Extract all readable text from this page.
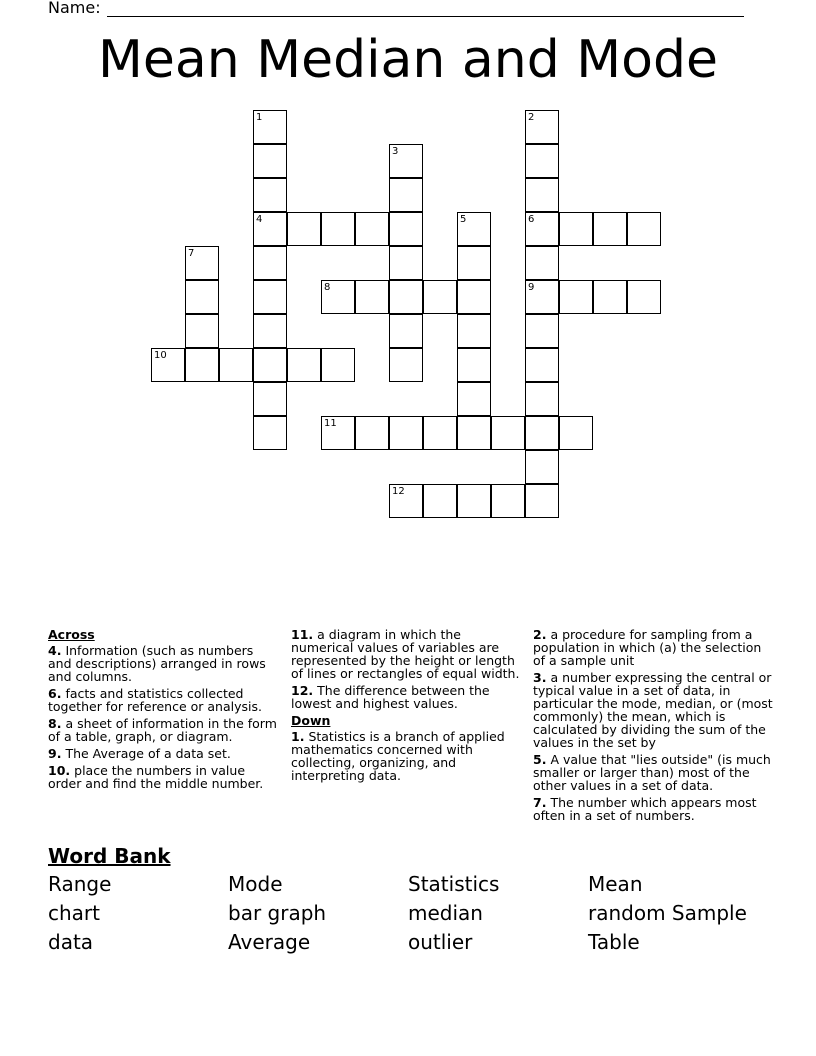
Name:
Mean Median and Mode
1	2
3
4	5	6
7
8	9
10
11
12

Across

4. Information (such as numbers and descriptions) arranged in rows and columns.

6. facts and statistics collected together for reference or analysis.

8. a sheet of information in the form of a table, graph, or diagram.

9. The Average of a data set.

10. place the numbers in value order and find the middle number.

11. a diagram in which the numerical values of variables are represented by the height or length of lines or rectangles of equal width.

12. The difference between the lowest and highest values.

Down

1. Statistics is a branch of applied mathematics concerned with collecting, organizing, and interpreting data.

2. a procedure for sampling from a population in which (a) the selection of a sample unit

3. a number expressing the central or typical value in a set of data, in particular the mode, median, or (most commonly) the mean, which is calculated by dividing the sum of the values in the set by

5. A value that "lies outside" (is much smaller or larger than) most of the other values in a set of data.

7. The number which appears most often in a set of numbers.

Word Bank
Range	Mode	Statistics	Mean
chart	bar graph	median	random Sample
data	Average	outlier	Table
